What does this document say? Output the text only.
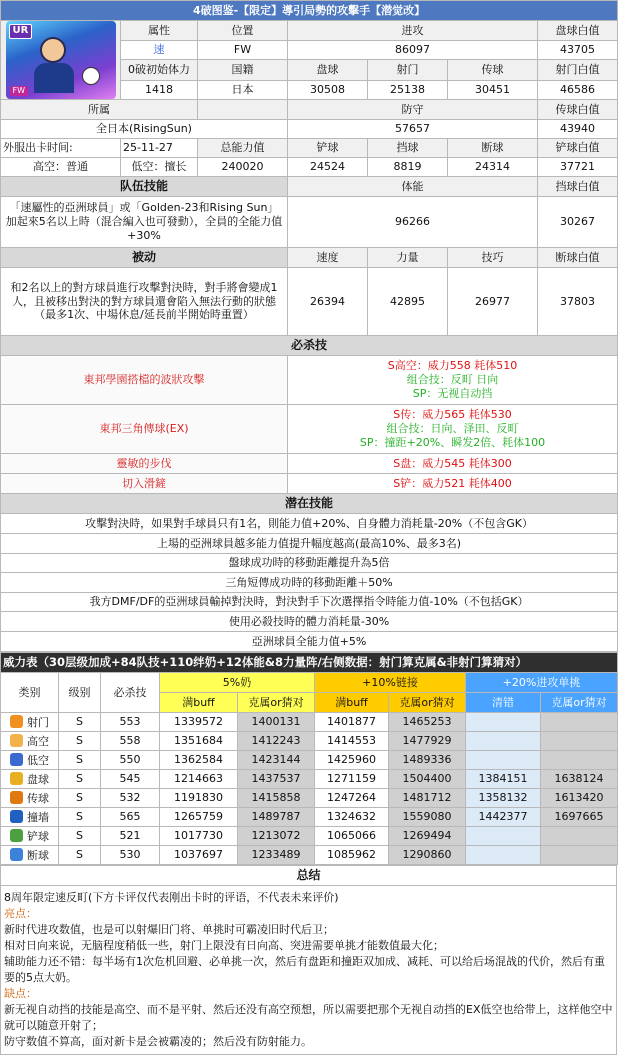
4破图鉴-【限定】導引局勢的攻擊手【潜觉改】						

UR
FW	属性	位置	进攻			盘球白值
	速	FW	86097			43705
	0破初始体力	国籍	盘球	射门	传球	射门白值
	1418	日本	30508	25138	30451	46586
所属			防守			传球白值
全日本(RisingSun)			57657			43940
外服出卡时间:	25-11-27	总能力值	铲球	挡球	断球	铲球白值
高空：普通	低空：擅长	240020	24524	8819	24314	37721
队伍技能			体能			挡球白值
「速屬性的亞洲球員」或「Golden-23和Rising Sun」加起來5名以上時（混合編入也可發動），全員的全能力值+30%			96266			30267
被动			速度	力量	技巧	断球白值
和2名以上的對方球員進行攻擊對決時，對手將會變成1人，且被移出對決的對方球員還會陷入無法行動的狀態（最多1次、中場休息/延長前半開始時重置）			26394	42895	26977	37803
必杀技						
東邦學園搭檔的波狀攻擊			S高空：威力558 耗体510
组合技：反町 日向
SP：无视自动挡			

東邦三角傳球(EX)			S传：威力565 耗体530
组合技：日向、泽田、反町
SP：撞距+20%、瞬发2倍、耗体100			

靈敏的步伐			S盘：威力545 耗体300			
切入滑鏟			S铲：威力521 耗体400			
潜在技能						
攻擊對決時，如果對手球員只有1名，則能力值+20%、自身體力消耗量-20%（不包含GK）						
上場的亞洲球員越多能力值提升幅度越高(最高10%、最多3名)						
盤球成功時的移動距離提升為5倍						
三角短傳成功時的移動距離＋50%						
我方DMF/DF的亞洲球員輸掉對決時，對決對手下次選擇指令時能力值-10%（不包括GK）						
使用必殺技時的體力消耗量-30%						
亞洲球員全能力值+5%						
威力表（30层级加成+84队技+110绊奶+12体能&8力量阵/右侧数据：射门算克属&非射门算猜对）								
类别	级别	必杀技	5%奶		+10%链接		+20%进攻单挑	
			满buff	克属or猜对	满buff	克属or猜对	清错	克属or猜对
射门	S	553	1339572	1400131	1401877	1465253		
高空	S	558	1351684	1412243	1414553	1477929		
低空	S	550	1362584	1423144	1425960	1489336		
盘球	S	545	1214663	1437537	1271159	1504400	1384151	1638124
传球	S	532	1191830	1415858	1247264	1481712	1358132	1613420
撞墙	S	565	1265759	1489787	1324632	1559080	1442377	1697665
铲球	S	521	1017730	1213072	1065066	1269494		
断球	S	530	1037697	1233489	1085962	1290860		
总结

8周年限定速反町(下方卡评仅代表刚出卡时的评语，不代表未来评价)

亮点：

新时代进攻数值，也是可以射爆旧门将、单挑时可霸凌旧时代后卫；

相对日向来说，无脑程度稍低一些，射门上限没有日向高、突进需要单挑才能数值最大化；

辅助能力还不错：每半场有1次危机回避、必单挑一次，然后有盘距和撞距双加成、减耗、可以给后场混战的代价，然后有重要的5点大奶。

缺点：

新无视自动挡的技能是高空、而不是平射、然后还没有高空预想，所以需要把那个无视自动挡的EX低空也给带上，这样他空中就可以随意开射了；

防守数值不算高，面对新卡是会被霸凌的；然后没有防射能力。
